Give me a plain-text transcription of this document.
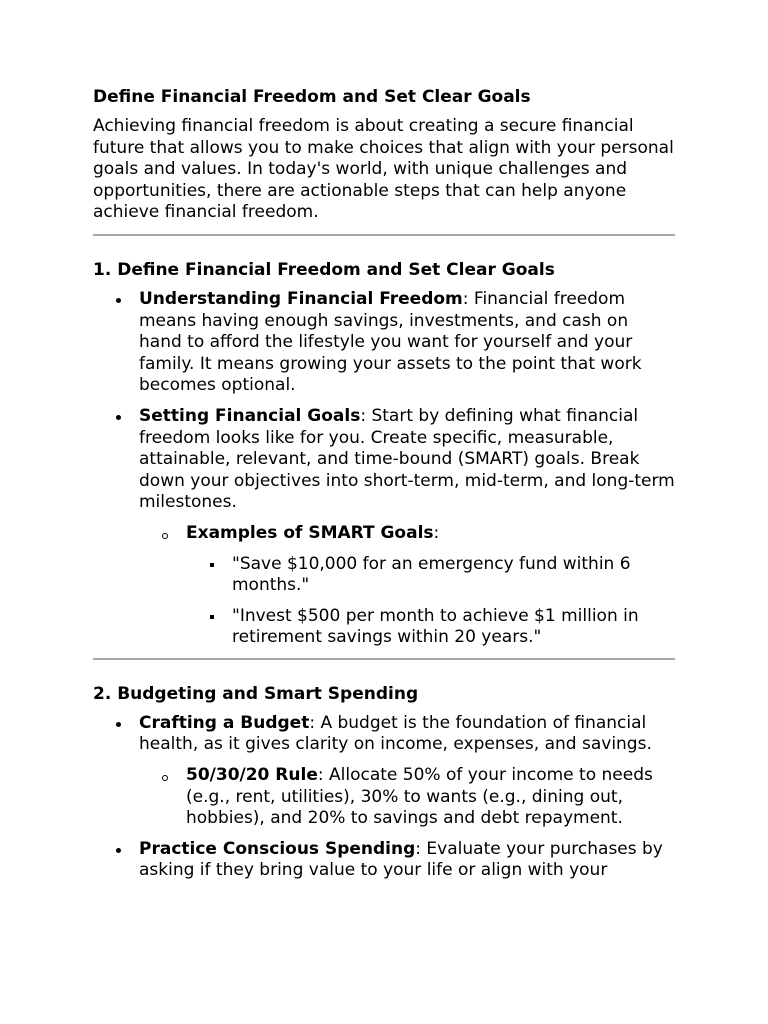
Define Financial Freedom and Set Clear Goals

Achieving financial freedom is about creating a secure financial future that allows you to make choices that align with your personal goals and values. In today's world, with unique challenges and opportunities, there are actionable steps that can help anyone achieve financial freedom.

1. Define Financial Freedom and Set Clear Goals
Understanding Financial Freedom: Financial freedom means having enough savings, investments, and cash on hand to afford the lifestyle you want for yourself and your family. It means growing your assets to the point that work becomes optional.
Setting Financial Goals: Start by defining what financial freedom looks like for you. Create specific, measurable, attainable, relevant, and time-bound (SMART) goals. Break down your objectives into short-term, mid-term, and long-term milestones.
Examples of SMART Goals:
"Save $10,000 for an emergency fund within 6 months."
"Invest $500 per month to achieve $1 million in retirement savings within 20 years."
2. Budgeting and Smart Spending
Crafting a Budget: A budget is the foundation of financial health, as it gives clarity on income, expenses, and savings.
50/30/20 Rule: Allocate 50% of your income to needs (e.g., rent, utilities), 30% to wants (e.g., dining out, hobbies), and 20% to savings and debt repayment.
Practice Conscious Spending: Evaluate your purchases by asking if they bring value to your life or align with your
